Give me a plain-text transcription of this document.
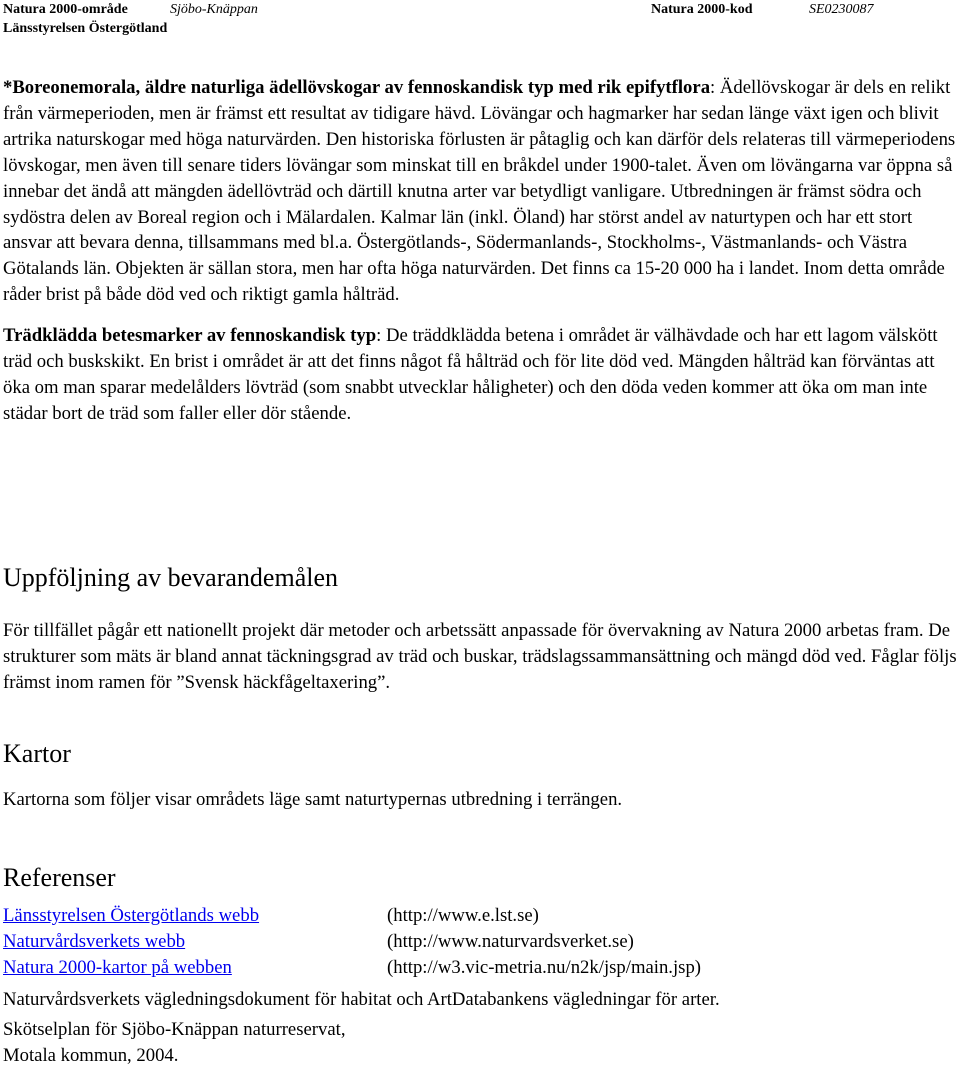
Natura 2000-område	Sjöbo-Knäppan	Natura 2000-kod	SE0230087
Länsstyrelsen Östergötland

*Boreonemorala, äldre naturliga ädellövskogar av fennoskandisk typ med rik epifytflora: Ädellövskogar är dels en relikt från värmeperioden, men är främst ett resultat av tidigare hävd. Lövängar och hagmarker har sedan länge växt igen och blivit artrika naturskogar med höga naturvärden. Den historiska förlusten är påtaglig och kan därför dels relateras till värmeperiodens lövskogar, men även till senare tiders lövängar som minskat till en bråkdel under 1900-talet. Även om lövängarna var öppna så innebar det ändå att mängden ädellövträd och därtill knutna arter var betydligt vanligare. Utbredningen är främst södra och sydöstra delen av Boreal region och i Mälardalen. Kalmar län (inkl. Öland) har störst andel av naturtypen och har ett stort ansvar att bevara denna, tillsammans med bl.a. Östergötlands-, Södermanlands-, Stockholms-, Västmanlands- och Västra Götalands län. Objekten är sällan stora, men har ofta höga naturvärden. Det finns ca 15-20 000 ha i landet. Inom detta område råder brist på både död ved och riktigt gamla hålträd.

Trädklädda betesmarker av fennoskandisk typ: De träddklädda betena i området är välhävdade och har ett lagom välskött träd och buskskikt. En brist i området är att det finns något få hålträd och för lite död ved. Mängden hålträd kan förväntas att öka om man sparar medelålders lövträd (som snabbt utvecklar håligheter) och den döda veden kommer att öka om man inte städar bort de träd som faller eller dör stående.

Uppföljning av bevarandemålen

För tillfället pågår ett nationellt projekt där metoder och arbetssätt anpassade för övervakning av Natura 2000 arbetas fram. De strukturer som mäts är bland annat täckningsgrad av träd och buskar, trädslagssammansättning och mängd död ved. Fåglar följs främst inom ramen för ”Svensk häckfågeltaxering”.

Kartor

Kartorna som följer visar områdets läge samt naturtypernas utbredning i terrängen.

Referenser
Länsstyrelsen Östergötlands webb	(http://www.e.lst.se)
Naturvårdsverkets webb	(http://www.naturvardsverket.se)
Natura 2000-kartor på webben	(http://w3.vic-metria.nu/n2k/jsp/main.jsp)

Naturvårdsverkets vägledningsdokument för habitat och ArtDatabankens vägledningar för arter.

Skötselplan för Sjöbo-Knäppan naturreservat, Motala kommun, 2004.
